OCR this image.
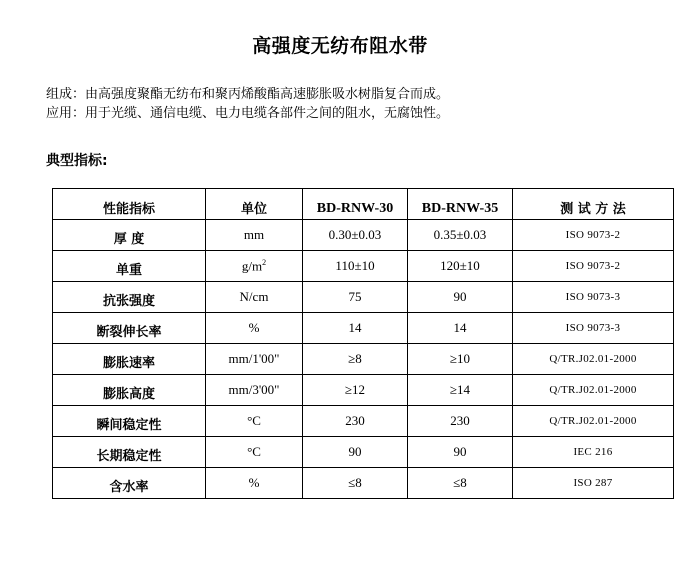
高强度无纺布阻水带
组成：由高强度聚酯无纺布和聚丙烯酸酯高速膨胀吸水树脂复合而成。
应用：用于光缆、通信电缆、电力电缆各部件之间的阻水，无腐蚀性。
典型指标:
性能指标	单位	BD-RNW-30	BD-RNW-35	测 试 方 法
厚 度	mm	0.30±0.03	0.35±0.03	ISO 9073-2
单重	$g/m^2$	110±10	120±10	ISO 9073-2
抗张强度	N/cm	75	90	ISO 9073-3
断裂伸长率	%	14	14	ISO 9073-3
膨胀速率	mm/1'00"	≥8	≥10	Q/TR.J02.01-2000
膨胀高度	mm/3'00"	≥12	≥14	Q/TR.J02.01-2000
瞬间稳定性	°C	230	230	Q/TR.J02.01-2000
长期稳定性	°C	90	90	IEC 216
含水率	%	≤8	≤8	ISO 287
